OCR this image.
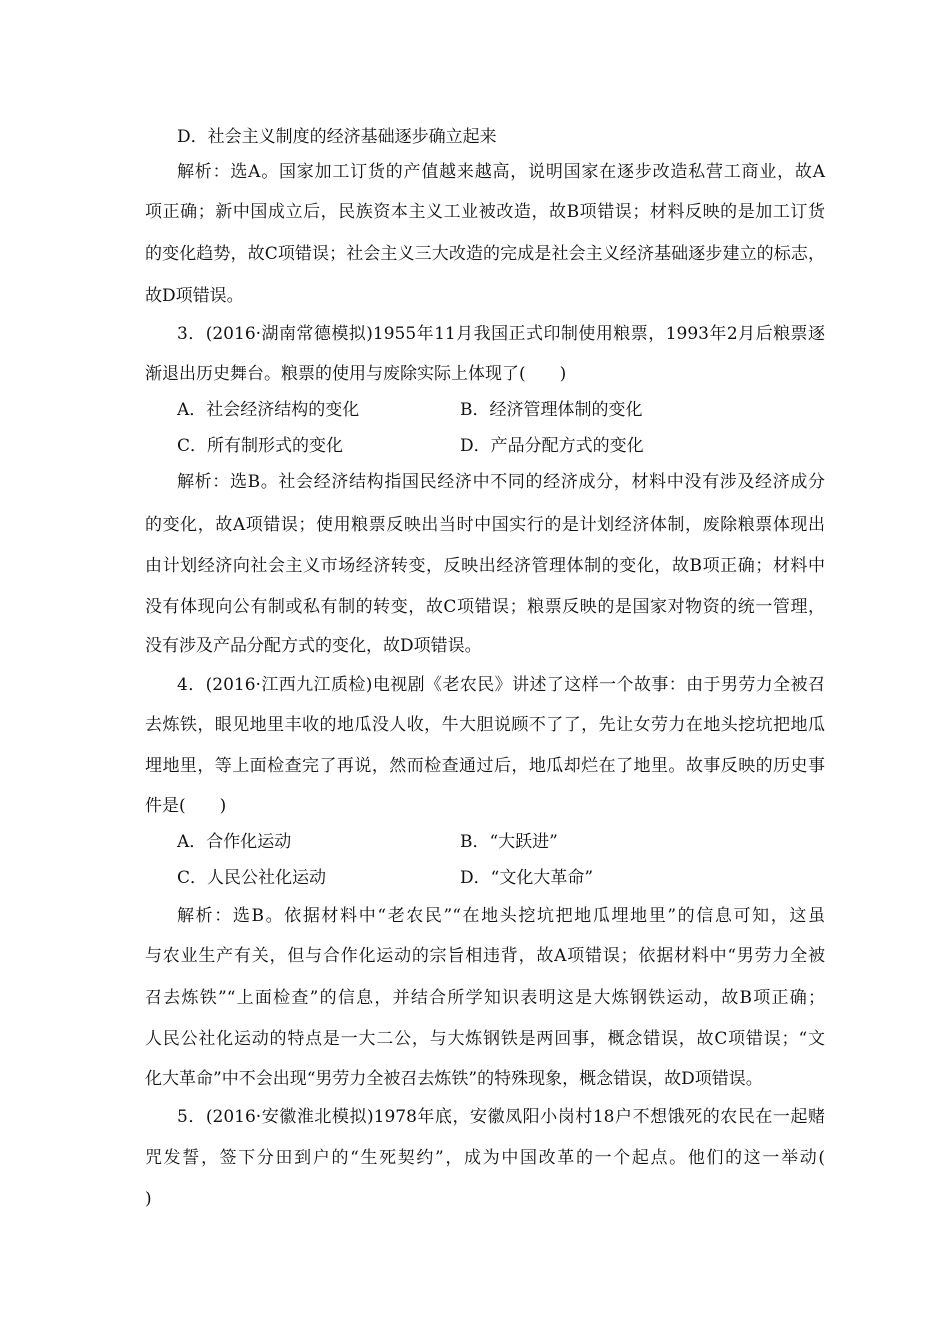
D．社会主义制度的经济基础逐步确立起来
解析：选A。国家加工订货的产值越来越高，说明国家在逐步改造私营工商业，故A
项正确；新中国成立后，民族资本主义工业被改造，故B项错误；材料反映的是加工订货
的变化趋势，故C项错误；社会主义三大改造的完成是社会主义经济基础逐步建立的标志，
故D项错误。
3．(2016·湖南常德模拟)1955年11月我国正式印制使用粮票，1993年2月后粮票逐
渐退出历史舞台。粮票的使用与废除实际上体现了(　　)
A．社会经济结构的变化	B．经济管理体制的变化
C．所有制形式的变化	D．产品分配方式的变化
解析：选B。社会经济结构指国民经济中不同的经济成分，材料中没有涉及经济成分
的变化，故A项错误；使用粮票反映出当时中国实行的是计划经济体制，废除粮票体现出
由计划经济向社会主义市场经济转变，反映出经济管理体制的变化，故B项正确；材料中
没有体现向公有制或私有制的转变，故C项错误；粮票反映的是国家对物资的统一管理，
没有涉及产品分配方式的变化，故D项错误。
4．(2016·江西九江质检)电视剧《老农民》讲述了这样一个故事：由于男劳力全被召
去炼铁，眼见地里丰收的地瓜没人收，牛大胆说顾不了了，先让女劳力在地头挖坑把地瓜
埋地里，等上面检查完了再说，然而检查通过后，地瓜却烂在了地里。故事反映的历史事
件是(　　)
A．合作化运动	B．“大跃进”
C．人民公社化运动	D．“文化大革命”
解析：选B。依据材料中“老农民”“在地头挖坑把地瓜埋地里”的信息可知，这虽
与农业生产有关，但与合作化运动的宗旨相违背，故A项错误；依据材料中“男劳力全被
召去炼铁”“上面检查”的信息，并结合所学知识表明这是大炼钢铁运动，故B项正确；
人民公社化运动的特点是一大二公，与大炼钢铁是两回事，概念错误，故C项错误；“文
化大革命”中不会出现“男劳力全被召去炼铁”的特殊现象，概念错误，故D项错误。
5．(2016·安徽淮北模拟)1978年底，安徽凤阳小岗村18户不想饿死的农民在一起赌
咒发誓，签下分田到户的“生死契约”，成为中国改革的一个起点。他们的这一举动(
)
